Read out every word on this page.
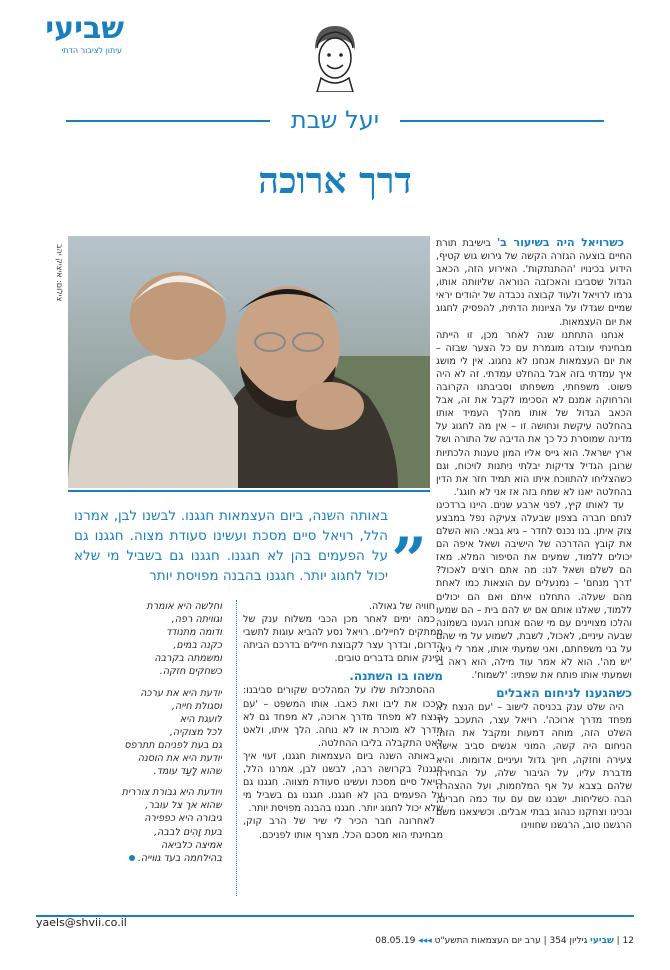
שביעי
עיתון לציבור הדתי
יעל שבת
דרך ארוכה
צילום: איציק יהב
„
באותה השנה, ביום העצמאות חגגנו. לבשנו לבן, אמרנו הלל, רויאל סיים מסכת ועשינו סעודת מצוה. חגגנו גם על הפעמים בהן לא חגגנו. חגגנו גם בשביל מי שלא יכול לחגוג יותר. חגגנו בהבנה מפויסת יותר

כשרויאל היה בשיעור ב' בישיבת תורת החיים בוצעה הגזרה הקשה של גירוש גוש קטיף, הידוע בכינויו 'ההתנתקות'. האירוע הזה, הכאב הגדול שסביבו והאכזבה הנוראה שליוותה אותו, גרמו לרויאל ולעוד קבוצה נכבדה של יהודים יראי שמיים שגדלו על הציונות הדתית, להפסיק לחגוג את יום העצמאות.

אנחנו התחתנו שנה לאחר מכן, זו הייתה מבחינתי עובדה מוגמרת עם כל הצער שבזה – את יום העצמאות אנחנו לא נחגוג. אין לי מושג איך עמדתי בזה אבל בהחלט עמדתי. זה לא היה פשוט. משפחתי, משפחתו וסביבתנו הקרובה והרחוקה אמנם לא הסכימו לקבל את זה, אבל הכאב הגדול של אותו מהלך העמיד אותו בהחלטה עיקשת ונחושה זו – אין מה לחגוג על מדינה שמוסרת כל כך את הדיבה של התורה ושל ארץ ישראל. הוא גייס אליו המון טענות הלכתיות שרובן הגדיל צדיקות יבלתי ניתנות לויכוח, וגם כשהצליחו להתווכח איתו הוא תמיד חזר את הדין בהחלטה יאנו לא שמח בזה אז אני לא חוגג'.

עד לאותו קיץ, לפני ארבע שנים. היינו ברדכינו לנחם חברה בצפון שבעלה צעיקה נפל במבצע צוק איתן. בנו נכנס לחדר – גיא גבאי. הוא השלם את קובץ ההדרכה של הישיבה ושאל איפה הם יכולים ללמוד, שמעים את הסיפור המלא. מאז הם לשלם ושאל לנו: מה אתם רוצים לאכול? 'דרך מנחם' – נמנעלים עם הוצאות כמו לאחת מהם שעלה. התחלנו איתם ואם הם יכולים ללמוד, שאלנו אותם אם יש להם בית – הם שמעו והלכו מצויינים עם מי שהם אנחנו הגענו בשמונה שבעה עיניים, לאכול, לשבת, לשמוע על מי שהם על בני משפחתם, ואני שמעתי אותו, אמר לי גיא. 'יש מה'. הוא לא אמר עוד מילה, הוא ראה בי ושמעתי אותו פותח את שפתיו: 'לשמוח'.

כשהגענו לניחום האבלים

היה שלט ענק בכניסה לישוב – 'עם הנצח לא מפחד מדרך ארוכה'. רויאל עצר, התעכב ליד השלט הזה, מוחה דמעות ומקבל את הזה. הניחום היה קשה, המוני אנשים סביב אישה צעירה וחזקה, חיוך גדול ועיניים אדומות. והיא מדברת עליו, על הגיבור שלה, על הבחירה שלהם בצבא על אף המלחמות, ועל ההצהרה הבה כשליחות. ישבנו שם עם עוד כמה חברים, ובכינו וצחקנו כנהוג בבתי אבלים. וכשיצאנו משם הרגשנו טוב, הרגשנו שחווינו

חוויה של גאולה.

כמה ימים לאחר מכן הכבי משלוח ענק של ממתקים לחיילים. רויאל נסע להביא עוגות לתשבי הדרום, ובדרך עצר לקבוצת חיילים בדרכם הביתה ופינק אותם בדברים טובים.

משהו בו השתנה.

ההסתכלות שלו על המהלכים שקורים סביבנו: ריככו את ליבו ואת כאבו. אותו המשפט – 'עם הנצח לא מפחד מדרך ארוכה, לא מפחד גם לא מדרך לא מוכרת או לא נוחה. הלך איתו, ולאט לאט התקבלה בליבו ההחלטה.

באותה השנה ביום העצמאות חגגנו, זעוי איך חגגנו? בקרושה רבה, לבשנו לבן, אמרנו הלל, רויאל סיים מסכת ועשינו סעודת מצווה. חגגנו גם על הפעמים בהן לא חגגנו. חגגנו גם בשביל מי שלא יכול לחגוג יותר. חגגנו בהבנה מפויסת יותר.

לאחרונה חבר הכיר לי שיר של הרב קוק, מבחינתי הוא מסכם הכל. מצרף אותו לפניכם.

וחלשה היא אומרת

וגוויתה רפה,

ודומה מתנודד

כקנה במים,

ומשמתה בקרבה

כשחקים חזקה.

יודעת היא את ערכה

וסגולת חייה,

לועגת היא

לכל מצוקיה,

גם בעת לפניהם תתרפס

יודעת היא את הוסנה

שהוא לָעַד עומד.

ויודעת היא גבורת צוררית

שהוא אך צל עובר,

גיבורה היא כפפירה

בעת זָהִים לבבה,

אמיצה כלביאה

בהילחמה בעד גווייה.

yaels@shvii.co.il
12 | שביעי גיליון 354 | ערב יום העצמאות התשע"ט ◂◂◂ 08.05.19
